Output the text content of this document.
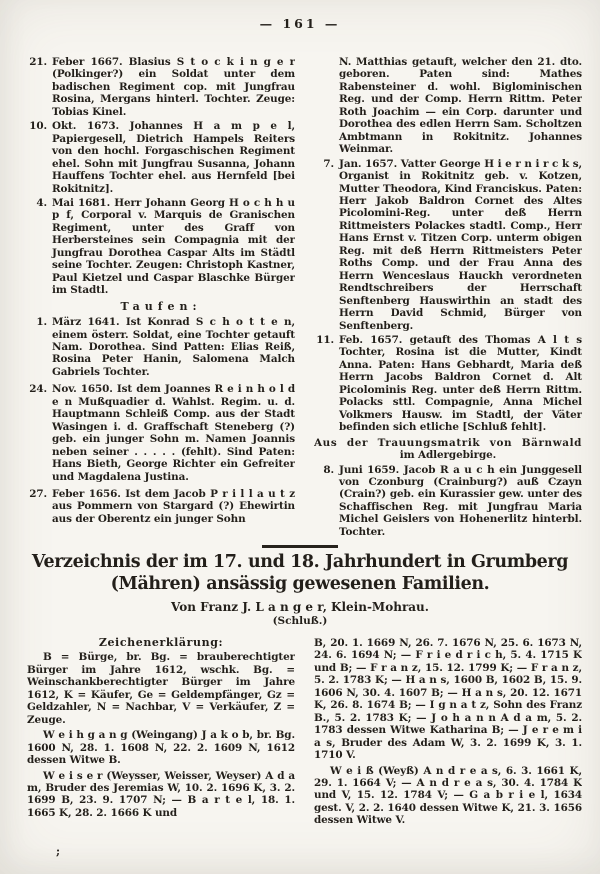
— 161 —
21. Feber 1667. Blasius S t o c k i n g e r (Polkinger?) ein Soldat unter dem badischen Regiment cop. mit Jungfrau Rosina, Mergans hinterl. Tochter. Zeuge: Tobias Kinel.
10. Okt. 1673. Johannes H a m p e l, Papiergesell, Dietrich Hampels Reiters von den hochl. Forgaschischen Regiment ehel. Sohn mit Jungfrau Susanna, Johann Hauffens Tochter ehel. aus Hernfeld [bei Rokitnitz].
4. Mai 1681. Herr Johann Georg H o c h h u p f, Corporal v. Marquis de Granischen Regiment, unter des Graff von Herbersteines sein Compagnia mit der Jungfrau Dorothea Caspar Alts im Städtl seine Tochter. Zeugen: Christoph Kastner, Paul Kietzel und Caspar Blaschke Bürger im Stadtl.
Taufen:
1. März 1641. Ist Konrad S c h o t t e n, einem österr. Soldat, eine Tochter getauft Nam. Dorothea. Sind Patten: Elias Reiß, Rosina Peter Hanin, Salomena Malch Gabriels Tochter.
24. Nov. 1650. Ist dem Joannes R e i n h o l d e n Mußquadier d. Wahlst. Regim. u. d. Hauptmann Schleiß Comp. aus der Stadt Wasingen i. d. Graffschaft Steneberg (?) geb. ein junger Sohn m. Namen Joannis neben seiner . . . . . (fehlt). Sind Paten: Hans Bieth, George Richter ein Gefreiter und Magdalena Justina.
27. Feber 1656. Ist dem Jacob P r i l l a u t z aus Pommern von Stargard (?) Ehewirtin aus der Oberentz ein junger Sohn
N. Matthias getauft, welcher den 21. dto. geboren. Paten sind: Mathes Rabensteiner d. wohl. Biglominischen Reg. und der Comp. Herrn Rittm. Peter Roth Joachim — ein Corp. darunter und Dorothea des edlen Herrn Sam. Scholtzen Ambtmann in Rokitnitz. Johannes Weinmar.
7. Jan. 1657. Vatter George H i e r n i r c k s, Organist in Rokitnitz geb. v. Kotzen, Mutter Theodora, Kind Franciskus. Paten: Herr Jakob Baldron Cornet des Altes Picolomini-Reg. unter deß Herrn Rittmeisters Polackes stadtl. Comp., Herr Hans Ernst v. Titzen Corp. unterm obigen Reg. mit deß Herrn Rittmeisters Peter Roths Comp. und der Frau Anna des Herrn Wenceslaus Hauckh verordneten Rendtschreibers der Herrschaft Senftenberg Hauswirthin an stadt des Herrn David Schmid, Bürger von Senftenberg.
11. Feb. 1657. getauft des Thomas A l t s Tochter, Rosina ist die Mutter, Kindt Anna. Paten: Hans Gebhardt, Maria deß Herrn Jacobs Baldron Cornet d. Alt Picolominis Reg. unter deß Herrn Rittm. Polacks sttl. Compagnie, Anna Michel Volkmers Hausw. im Stadtl, der Väter befinden sich etliche [Schluß fehlt].
Aus der Trauungsmatrik von Bärnwald
im Adlergebirge.
8. Juni 1659. Jacob R a u c h ein Junggesell von Czonburg (Crainburg?) auß Czayn (Crain?) geb. ein Kurassier gew. unter des Schaffischen Reg. mit Jungfrau Maria Michel Geislers von Hohenerlitz hinterbl. Tochter.
Verzeichnis der im 17. und 18. Jahrhundert in Grumberg
(Mähren) ansässig gewesenen Familien.
Von Franz J. L a n g e r, Klein-Mohrau.
(Schluß.)
Zeichenerklärung:
B = Bürge, br. Bg. = brauberechtigter Bürger im Jahre 1612, wschk. Bg. = Weinschankberechtigter Bürger im Jahre 1612, K = Käufer, Ge = Geldempfänger, Gz = Geldzahler, N = Nachbar, V = Verkäufer, Z = Zeuge.
W e i h g a n g (Weingang) J a k o b, br. Bg. 1600 N, 28. 1. 1608 N, 22. 2. 1609 N, 1612 dessen Witwe B.
W e i s e r (Weysser, Weisser, Weyser) A d a m, Bruder des Jeremias W, 10. 2. 1696 K, 3. 2. 1699 B, 23. 9. 1707 N; — B a r t e l, 18. 1. 1665 K, 28. 2. 1666 K und
B, 20. 1. 1669 N, 26. 7. 1676 N, 25. 6. 1673 N, 24. 6. 1694 N; — F r i e d r i c h, 5. 4. 1715 K und B; — F r a n z, 15. 12. 1799 K; — F r a n z, 5. 2. 1783 K; — H a n s, 1600 B, 1602 B, 15. 9. 1606 N, 30. 4. 1607 B; — H a n s, 20. 12. 1671 K, 26. 8. 1674 B; — I g n a t z, Sohn des Franz B., 5. 2. 1783 K; — J o h a n n A d a m, 5. 2. 1783 dessen Witwe Katharina B; — J e r e m i a s, Bruder des Adam W, 3. 2. 1699 K, 3. 1. 1710 V.
W e i ß (Weyß) A n d r e a s, 6. 3. 1661 K, 29. 1. 1664 V; — A n d r e a s, 30. 4. 1784 K und V, 15. 12. 1784 V; — G a b r i e l, 1634 gest. V, 2. 2. 1640 dessen Witwe K, 21. 3. 1656 dessen Witwe V.
;
